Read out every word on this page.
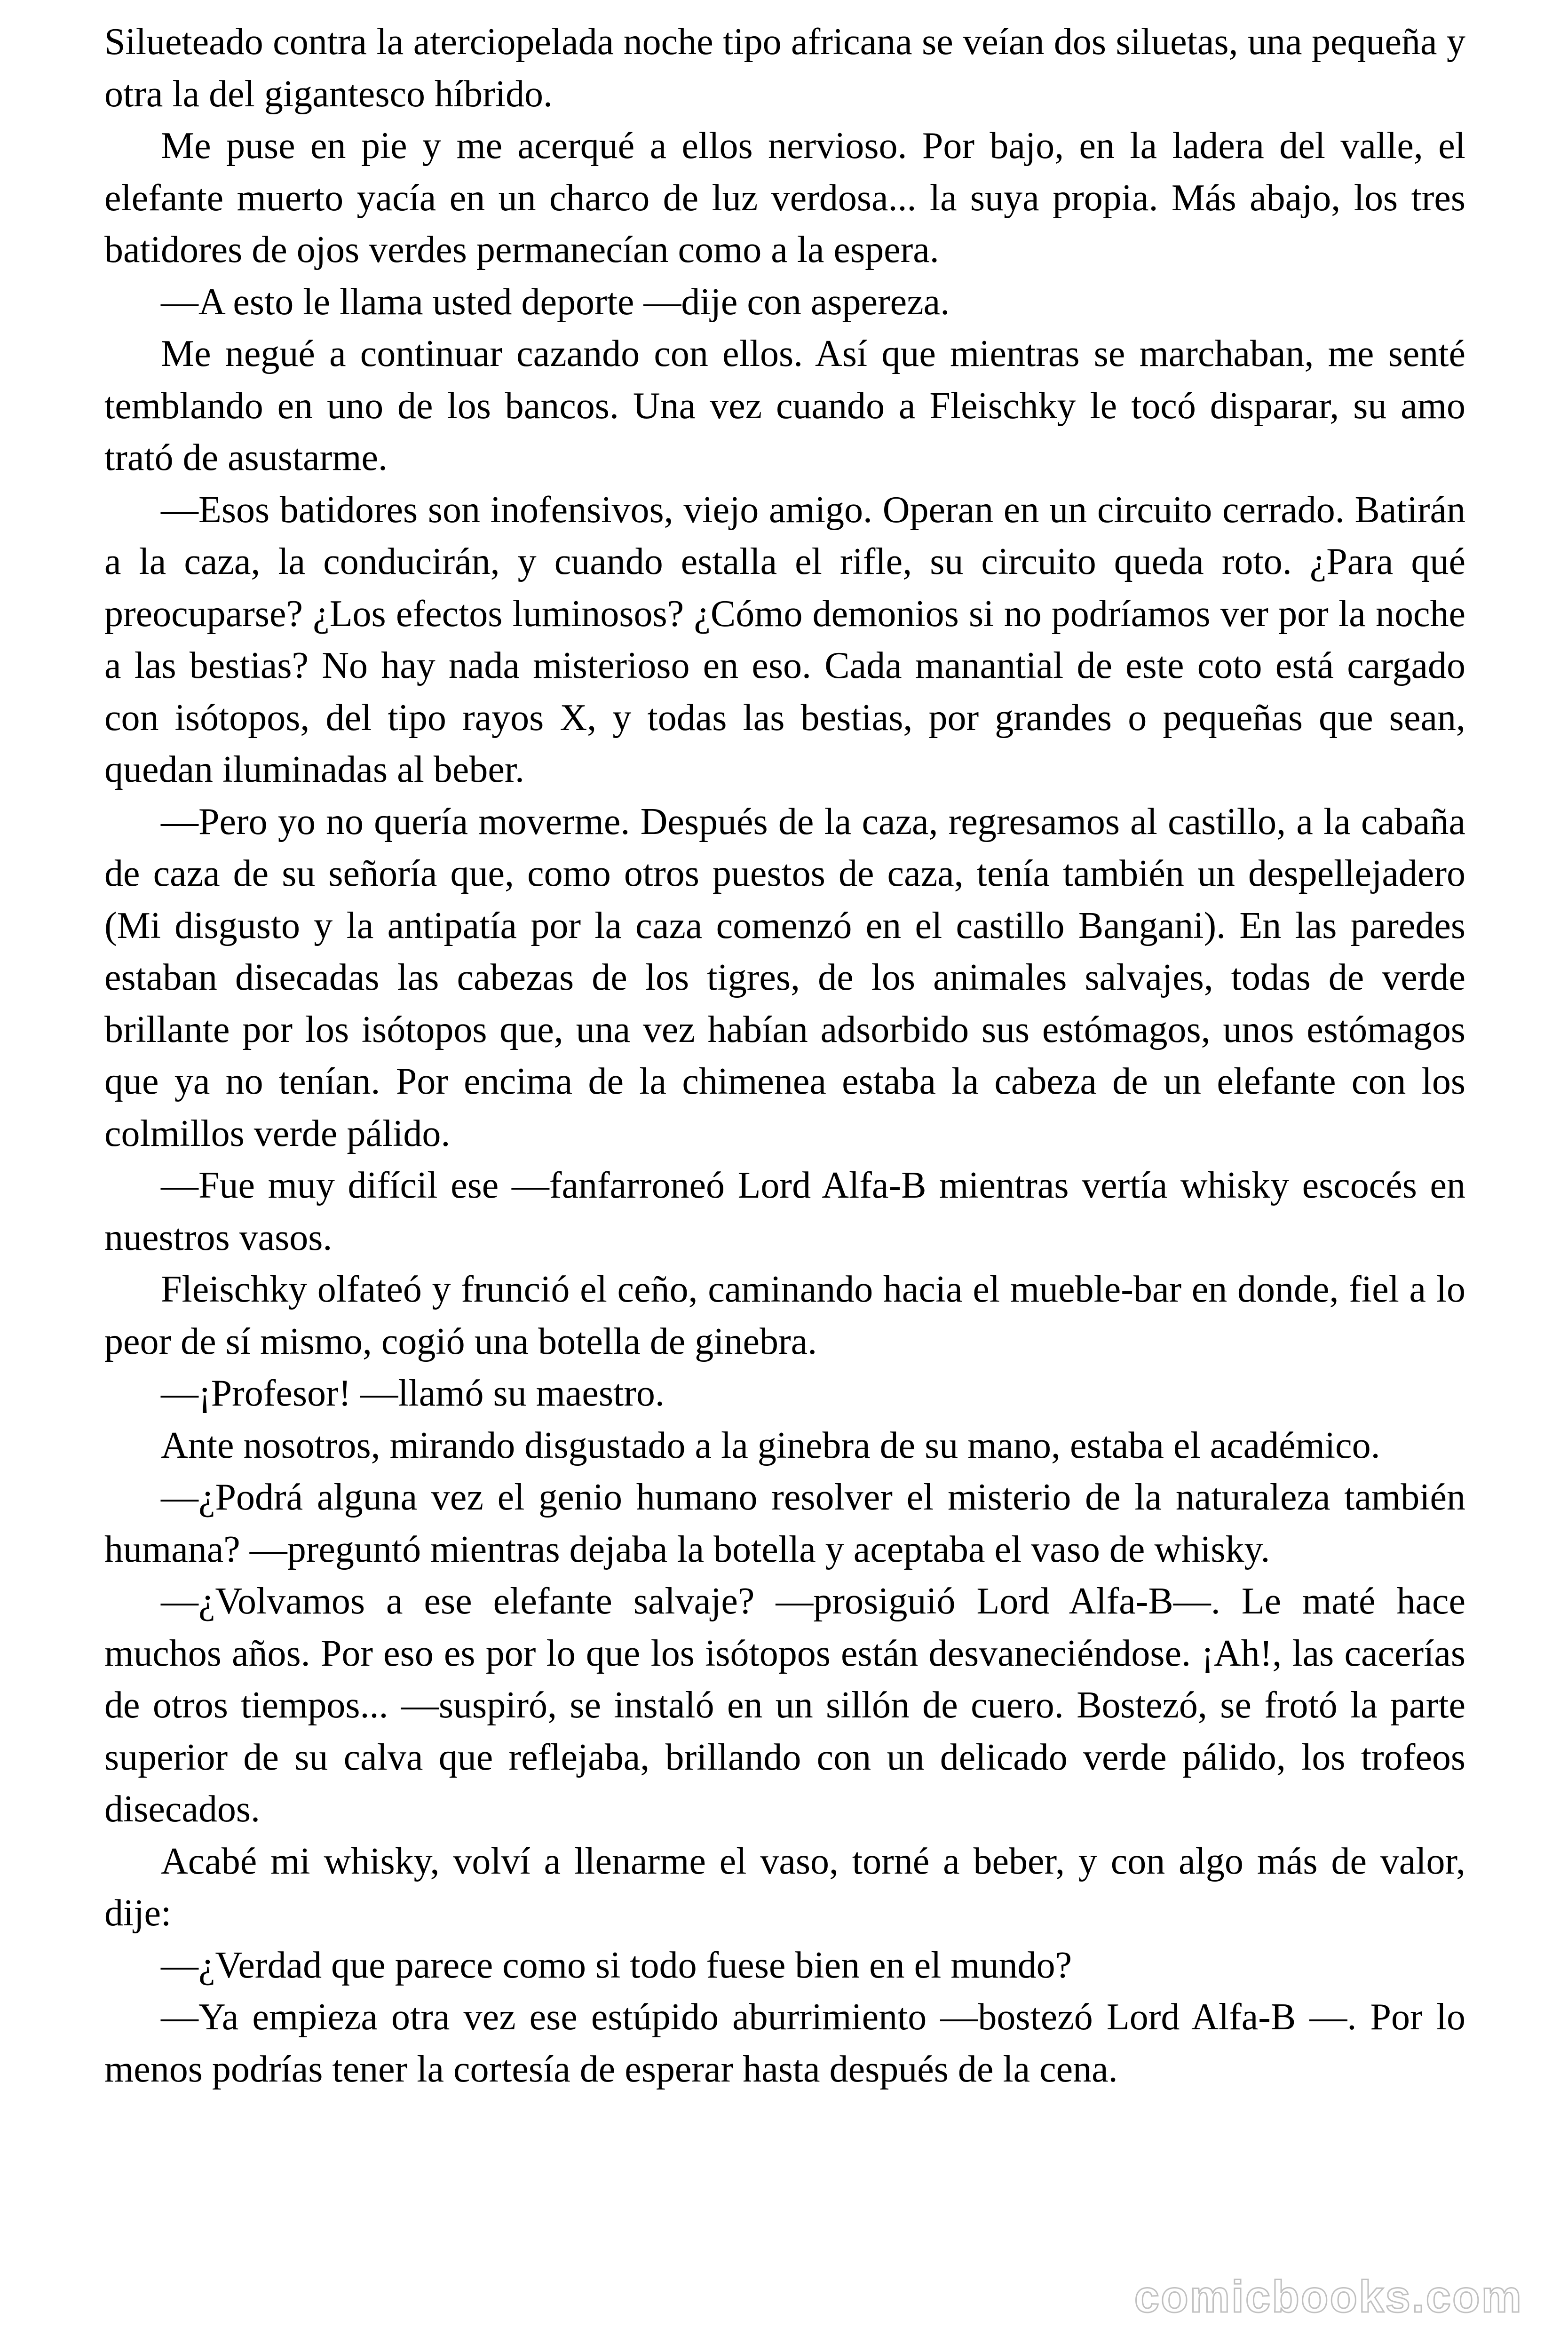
Silueteado contra la aterciopelada noche tipo africana se veían dos siluetas, una pequeña y otra la del gigantesco híbrido.

Me puse en pie y me acerqué a ellos nervioso. Por bajo, en la ladera del valle, el elefante muerto yacía en un charco de luz verdosa... la suya propia. Más abajo, los tres batidores de ojos verdes permanecían como a la espera.

—A esto le llama usted deporte —dije con aspereza.

Me negué a continuar cazando con ellos. Así que mientras se marchaban, me senté temblando en uno de los bancos. Una vez cuando a Fleischky le tocó disparar, su amo trató de asustarme.

—Esos batidores son inofensivos, viejo amigo. Operan en un circuito cerrado. Batirán a la caza, la conducirán, y cuando estalla el rifle, su circuito queda roto. ¿Para qué preocuparse? ¿Los efectos luminosos? ¿Cómo demonios si no podríamos ver por la noche a las bestias? No hay nada misterioso en eso. Cada manantial de este coto está cargado con isótopos, del tipo rayos X, y todas las bestias, por grandes o pequeñas que sean, quedan iluminadas al beber.

—Pero yo no quería moverme. Después de la caza, regresamos al castillo, a la cabaña de caza de su señoría que, como otros puestos de caza, tenía también un despellejadero (Mi disgusto y la antipatía por la caza comenzó en el castillo Bangani). En las paredes estaban disecadas las cabezas de los tigres, de los animales salvajes, todas de verde brillante por los isótopos que, una vez habían adsorbido sus estómagos, unos estómagos que ya no tenían. Por encima de la chimenea estaba la cabeza de un elefante con los colmillos verde pálido.

—Fue muy difícil ese —fanfarroneó Lord Alfa-B mientras vertía whisky escocés en nuestros vasos.

Fleischky olfateó y frunció el ceño, caminando hacia el mueble-bar en donde, fiel a lo peor de sí mismo, cogió una botella de ginebra.

—¡Profesor! —llamó su maestro.

Ante nosotros, mirando disgustado a la ginebra de su mano, estaba el académico.

—¿Podrá alguna vez el genio humano resolver el misterio de la naturaleza también humana? —preguntó mientras dejaba la botella y aceptaba el vaso de whisky.

—¿Volvamos a ese elefante salvaje? —prosiguió Lord Alfa-B—. Le maté hace muchos años. Por eso es por lo que los isótopos están desvaneciéndose. ¡Ah!, las cacerías de otros tiempos... —suspiró, se instaló en un sillón de cuero. Bostezó, se frotó la parte superior de su calva que reflejaba, brillando con un delicado verde pálido, los trofeos disecados.

Acabé mi whisky, volví a llenarme el vaso, torné a beber, y con algo más de valor, dije:

—¿Verdad que parece como si todo fuese bien en el mundo?

—Ya empieza otra vez ese estúpido aburrimiento —bostezó Lord Alfa-B —. Por lo menos podrías tener la cortesía de esperar hasta después de la cena.

comicbooks.com
